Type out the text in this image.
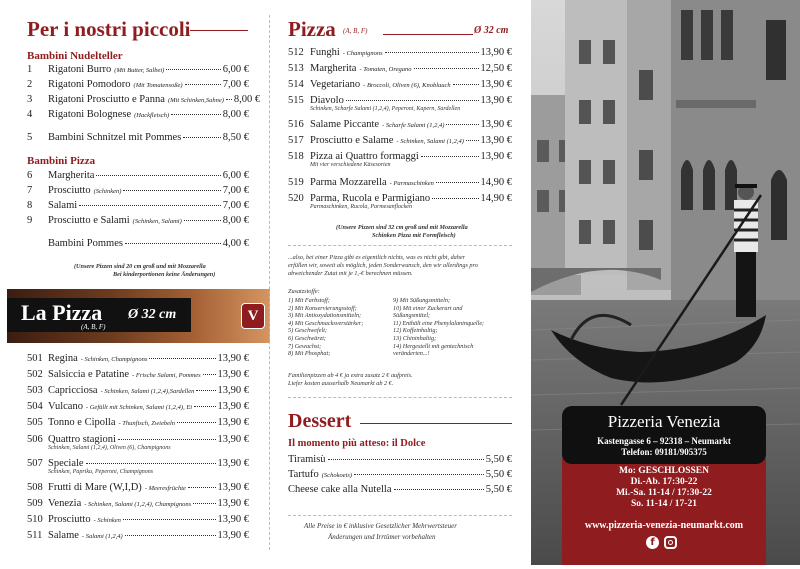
Per i nostri piccoli
Bambini Nudelteller
1	Rigatoni Burro (Mit Butter, Salbei)	6,00 €
2	Rigatoni Pomodoro (Mit Tomatensoße)	7,00 €
3	Rigatoni Prosciutto e Panna (Mit Schinken,Sahne) 8,00 €
4	Rigatoni Bolognese (Hackfleisch)	8,00 €
5	Bambini Schnitzel mit Pommes	8,50 €
Bambini Pizza
6	Margherita	6,00 €
7	Prosciutto (Schinken)	7,00 €
8	Salami	7,00 €
9	Prosciutto e Salami (Schinken, Salami)	8,00 €
Bambini Pommes	4,00 €
(Unsere Pizzen sind 20 cm groß und mit Mozzarella
Bei kinderportionen keine Änderungen)
La Pizza
(A, B, F)
Ø 32 cm	V
501 Regina - Schinken, Champignons	13,90 €
502 Salsiccia e Patatine - Frische Salami, Pommes 13,90 €
503 Capricciosa - Schinken, Salami (1,2,4),Sardellen 13,90 €
504 Vulcano - Gefüllt mit Schinken, Salami (1,2,4), Ei 13,90 €
505 Tonno e Cipolla - Thunfisch, Zwiebeln	13,90 €
506 Quattro stagioni	13,90 €
Schinken, Salami (1,2,4), Oliven (6), Champignons
507 Speciale	13,90 €
Schinken, Paprika, Peperoni, Champignons
508 Frutti di Mare (W,I,D) - Meeresfrüchte	13,90 €
509 Venezia - Schinken, Salami (1,2,4), Champignons	13,90 €
510 Prosciutto - Schinken	13,90 €
511 Salame - Salami (1,2,4)	13,90 €
Pizza (A, B, F)	Ø 32 cm
512 Funghi - Champignons	13,90 €
513 Margherita - Tomaten, Oregano	12,50 €
514 Vegetariano - Broccoli, Oliven (6), Knoblauch	13,90 €
515 Diavolo	13,90 €
Schinken, Scharfe Salami (1,2,4), Peperoni, Kapern, Sardellen
516 Salame Piccante - Scharfe Salami (1,2,4)	13,90 €
517 Prosciutto e Salame - Schinken, Salami (1,2,4) 13,90 €
518 Pizza ai Quattro formaggi	13,90 €
Mit vier verschiedene Käsesorten
519 Parma Mozzarella - Parmaschinken	14,90 €
520 Parma, Rucola e Parmigiano	14,90 €
Parmaschinken, Rucola, Parmesanflocken
(Unsere Pizzen sind 32 cm groß und mit Mozzarella
Schinken Pizza mit Formfleisch)
...also, bei einer Pizza gibt es eigentlich nichts, was es nicht gibt, daher
erfüllen wir, soweit als möglich, jeden Sonderwunsch, den wir allerdings pro
abweichender Zutat mit je 1,-€ berechnen müssen.
Zusatzstoffe:
1) Mit Farbstoff;
2) Mit Konservierungsstoff;
3) Mit Antioxydationsmitteln;
4) Mit Geschmacksverstärker;
5) Geschwefelt;
6) Geschwärzt;
7) Gewachst;
8) Mit Phosphat;
9) Mit Süßungsmitteln;
10) Mit einer Zuckerart und
Süßungsmittel;
11) Enthält eine Phenylalaninquelle;
12) Koffeinhaltig;
13) Chininhaltig;
14) Hergestellt mit gentechnisch
veränderten...!
Familienpizzen ab 4 € ja extra zusatz 2 € aufpreis.
Liefer kosten ausserhalb Neumarkt ab 2 €.
Dessert
Il momento più atteso: il Dolce
Tiramisù	5,50 €
Tartufo (Schokoeis)	5,50 €
Cheese cake alla Nutella	5,50 €
Alle Preise in € inklusive Gesetzlicher Mehrwertsteuer
Änderungen und Irrtümer vorbehalten
Mo: GESCHLOSSEN
Di.-Ab. 17:30-22
Mi.-Sa. 11-14 / 17:30-22
So. 11-14 / 17-21
www.pizzeria-venezia-neumarkt.com
f
Pizzeria Venezia
Kastengasse 6 – 92318 – Neumarkt
Telefon: 09181/905375
